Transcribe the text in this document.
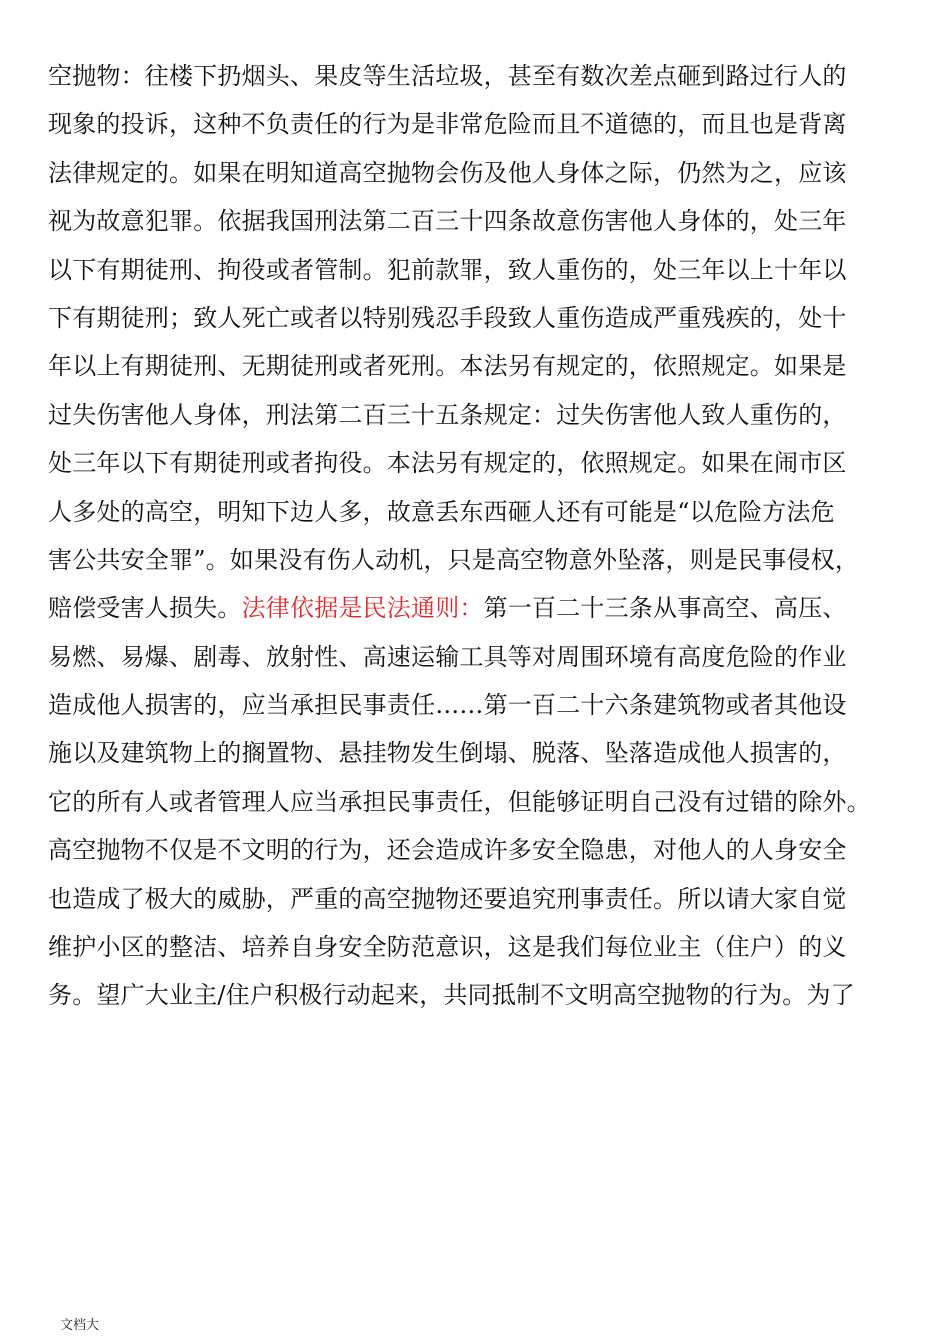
空抛物：往楼下扔烟头、果皮等生活垃圾，甚至有数次差点砸到路过行人的
现象的投诉，这种不负责任的行为是非常危险而且不道德的，而且也是背离
法律规定的。如果在明知道高空抛物会伤及他人身体之际，仍然为之，应该
视为故意犯罪。依据我国刑法第二百三十四条故意伤害他人身体的，处三年
以下有期徒刑、拘役或者管制。犯前款罪，致人重伤的，处三年以上十年以
下有期徒刑；致人死亡或者以特别残忍手段致人重伤造成严重残疾的，处十
年以上有期徒刑、无期徒刑或者死刑。本法另有规定的，依照规定。如果是
过失伤害他人身体，刑法第二百三十五条规定：过失伤害他人致人重伤的，
处三年以下有期徒刑或者拘役。本法另有规定的，依照规定。如果在闹市区
人多处的高空，明知下边人多，故意丢东西砸人还有可能是“以危险方法危
害公共安全罪”。如果没有伤人动机，只是高空物意外坠落，则是民事侵权，
赔偿受害人损失。法律依据是民法通则：第一百二十三条从事高空、高压、
易燃、易爆、剧毒、放射性、高速运输工具等对周围环境有高度危险的作业
造成他人损害的，应当承担民事责任……第一百二十六条建筑物或者其他设
施以及建筑物上的搁置物、悬挂物发生倒塌、脱落、坠落造成他人损害的，
它的所有人或者管理人应当承担民事责任，但能够证明自己没有过错的除外。
高空抛物不仅是不文明的行为，还会造成许多安全隐患，对他人的人身安全
也造成了极大的威胁，严重的高空抛物还要追究刑事责任。所以请大家自觉
维护小区的整洁、培养自身安全防范意识，这是我们每位业主（住户）的义
务。望广大业主/住户积极行动起来，共同抵制不文明高空抛物的行为。为了
文档大
